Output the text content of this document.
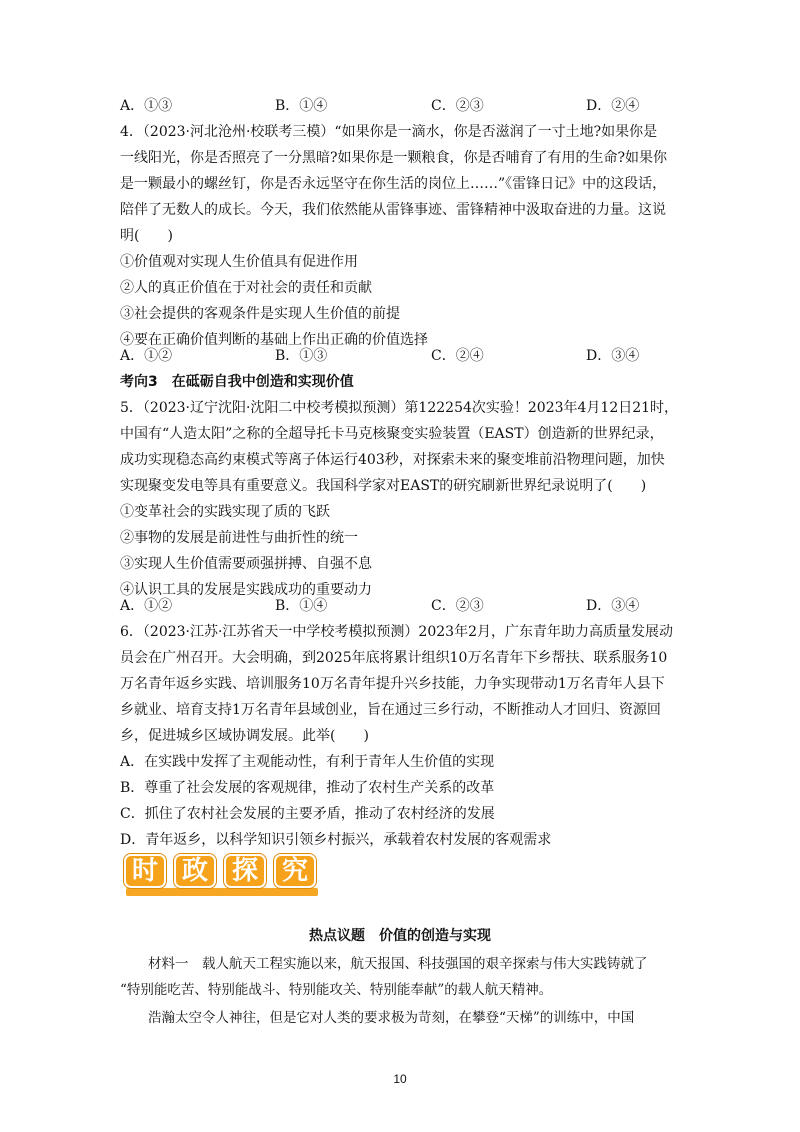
A．①③	B．①④	C．②③	D．②④
4．（2023·河北沧州·校联考三模）“如果你是一滴水，你是否滋润了一寸土地?如果你是
一线阳光，你是否照亮了一分黑暗?如果你是一颗粮食，你是否哺育了有用的生命?如果你
是一颗最小的螺丝钉，你是否永远坚守在你生活的岗位上……”《雷锋日记》中的这段话，
陪伴了无数人的成长。今天，我们依然能从雷锋事迹、雷锋精神中汲取奋进的力量。这说
明(　　)
①价值观对实现人生价值具有促进作用
②人的真正价值在于对社会的责任和贡献
③社会提供的客观条件是实现人生价值的前提
④要在正确价值判断的基础上作出正确的价值选择
A．①②	B．①③	C．②④	D．③④
考向3　在砥砺自我中创造和实现价值
5．（2023·辽宁沈阳·沈阳二中校考模拟预测）第122254次实验！2023年4月12日21时，
中国有“人造太阳”之称的全超导托卡马克核聚变实验装置（EAST）创造新的世界纪录，
成功实现稳态高约束模式等离子体运行403秒，对探索未来的聚变堆前沿物理问题，加快
实现聚变发电等具有重要意义。我国科学家对EAST的研究刷新世界纪录说明了(　　)
①变革社会的实践实现了质的飞跃
②事物的发展是前进性与曲折性的统一
③实现人生价值需要顽强拼搏、自强不息
④认识工具的发展是实践成功的重要动力
A．①②	B．①④	C．②③	D．③④
6．（2023·江苏·江苏省天一中学校考模拟预测）2023年2月，广东青年助力高质量发展动
员会在广州召开。大会明确，到2025年底将累计组织10万名青年下乡帮扶、联系服务10
万名青年返乡实践、培训服务10万名青年提升兴乡技能，力争实现带动1万名青年人县下
乡就业、培育支持1万名青年县域创业，旨在通过三乡行动，不断推动人才回归、资源回
乡，促进城乡区域协调发展。此举(　　)
A．在实践中发挥了主观能动性，有利于青年人生价值的实现
B．尊重了社会发展的客观规律，推动了农村生产关系的改革
C．抓住了农村社会发展的主要矛盾，推动了农村经济的发展
D．青年返乡，以科学知识引领乡村振兴，承载着农村发展的客观需求
时 政 探 究
热点议题　价值的创造与实现
材料一　载人航天工程实施以来，航天报国、科技强国的艰辛探索与伟大实践铸就了
“特别能吃苦、特别能战斗、特别能攻关、特别能奉献”的载人航天精神。
浩瀚太空令人神往，但是它对人类的要求极为苛刻，在攀登“天梯”的训练中，中国
10
